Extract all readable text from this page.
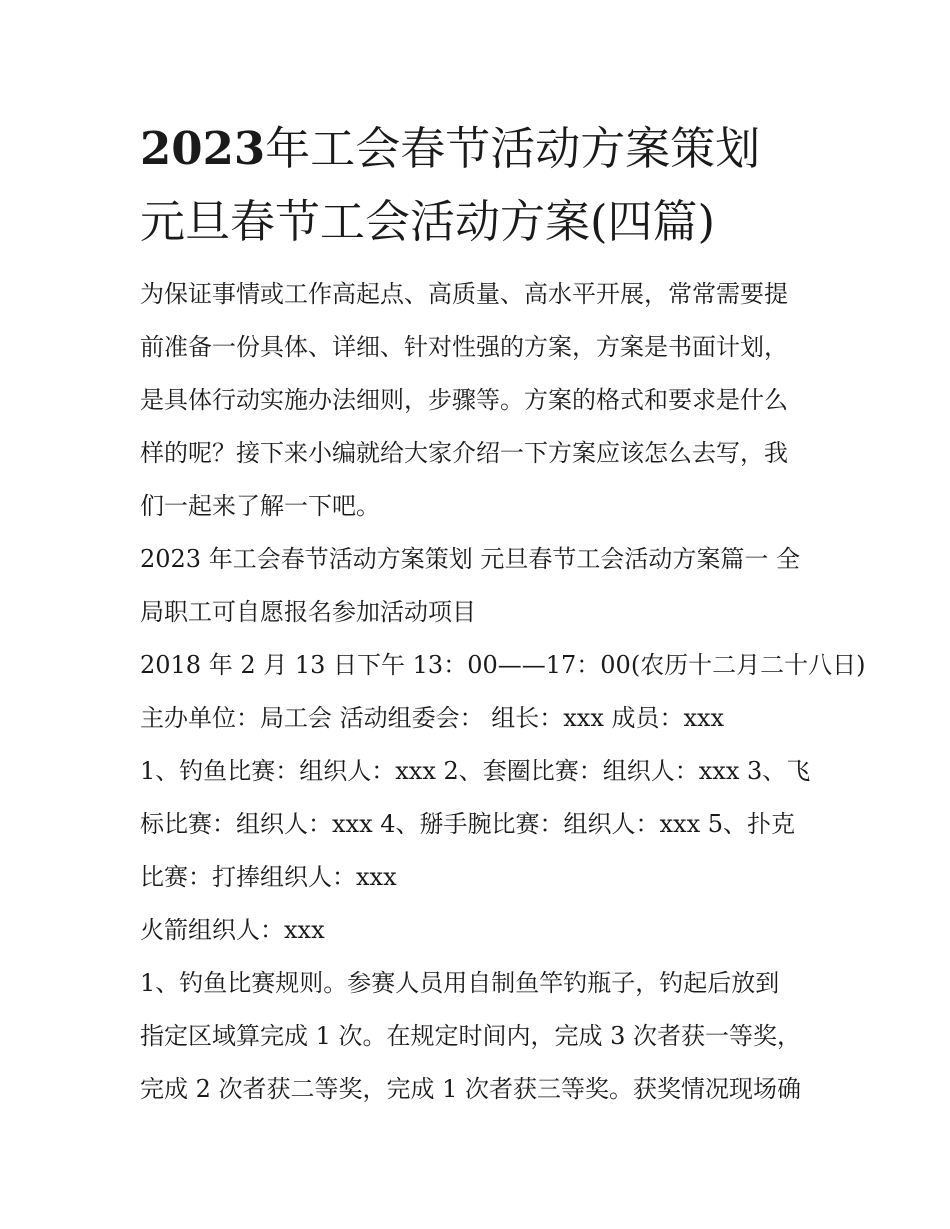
2023年工会春节活动方案策划
元旦春节工会活动方案(四篇)

为保证事情或工作高起点、高质量、高水平开展，常常需要提

前准备一份具体、详细、针对性强的方案，方案是书面计划，

是具体行动实施办法细则，步骤等。方案的格式和要求是什么

样的呢？接下来小编就给大家介绍一下方案应该怎么去写，我

们一起来了解一下吧。

2023 年工会春节活动方案策划 元旦春节工会活动方案篇一 全

局职工可自愿报名参加活动项目

2018 年 2 月 13 日下午 13：00——17：00(农历十二月二十八日)

主办单位：局工会 活动组委会： 组长：xxx 成员：xxx

1、钓鱼比赛：组织人：xxx 2、套圈比赛：组织人：xxx 3、飞

标比赛：组织人：xxx 4、掰手腕比赛：组织人：xxx 5、扑克

比赛：打捧组织人：xxx

火箭组织人：xxx

1、钓鱼比赛规则。参赛人员用自制鱼竿钓瓶子，钓起后放到

指定区域算完成 1 次。在规定时间内，完成 3 次者获一等奖，

完成 2 次者获二等奖，完成 1 次者获三等奖。获奖情况现场确
